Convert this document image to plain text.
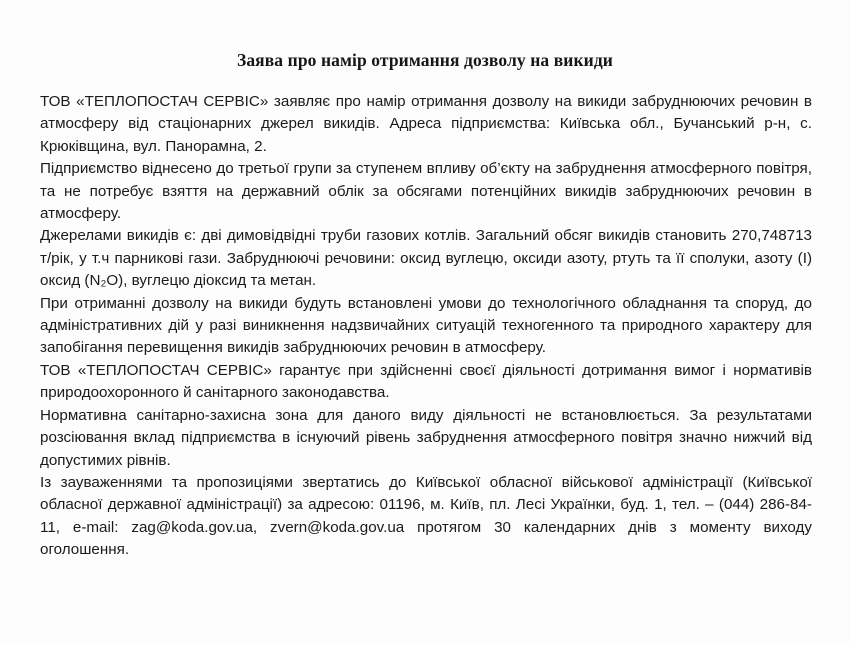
Заява про намір отримання дозволу на викиди

ТОВ «ТЕПЛОПОСТАЧ СЕРВІС» заявляє про намір отримання дозволу на викиди забруднюючих речовин в атмосферу від стаціонарних джерел викидів. Адреса підприємства: Київська обл., Бучанський р-н, с. Крюківщина, вул. Панорамна, 2.

Підприємство віднесено до третьої групи за ступенем впливу об’єкту на забруднення атмосферного повітря, та не потребує взяття на державний облік за обсягами потенційних викидів забруднюючих речовин в атмосферу.

Джерелами викидів є: дві димовідвідні труби газових котлів. Загальний обсяг викидів становить 270,748713 т/рік, у т.ч парникові гази. Забруднюючі речовини: оксид вуглецю, оксиди азоту, ртуть та її сполуки, азоту (I) оксид (N₂O), вуглецю діоксид та метан.

При отриманні дозволу на викиди будуть встановлені умови до технологічного обладнання та споруд, до адміністративних дій у разі виникнення надзвичайних ситуацій техногенного та природного характеру для запобігання перевищення викидів забруднюючих речовин в атмосферу.

ТОВ «ТЕПЛОПОСТАЧ СЕРВІС» гарантує при здійсненні своєї діяльності дотримання вимог і нормативів природоохоронного й санітарного законодавства.

Нормативна санітарно-захисна зона для даного виду діяльності не встановлюється. За результатами розсіювання вклад підприємства в існуючий рівень забруднення атмосферного повітря значно нижчий від допустимих рівнів.

Із зауваженнями та пропозиціями звертатись до Київської обласної військової адміністрації (Київської обласної державної адміністрації) за адресою: 01196, м. Київ, пл. Лесі Українки, буд. 1, тел. – (044) 286-84-11, e-mail: zag@koda.gov.ua, zvern@koda.gov.ua протягом 30 календарних днів з моменту виходу оголошення.
